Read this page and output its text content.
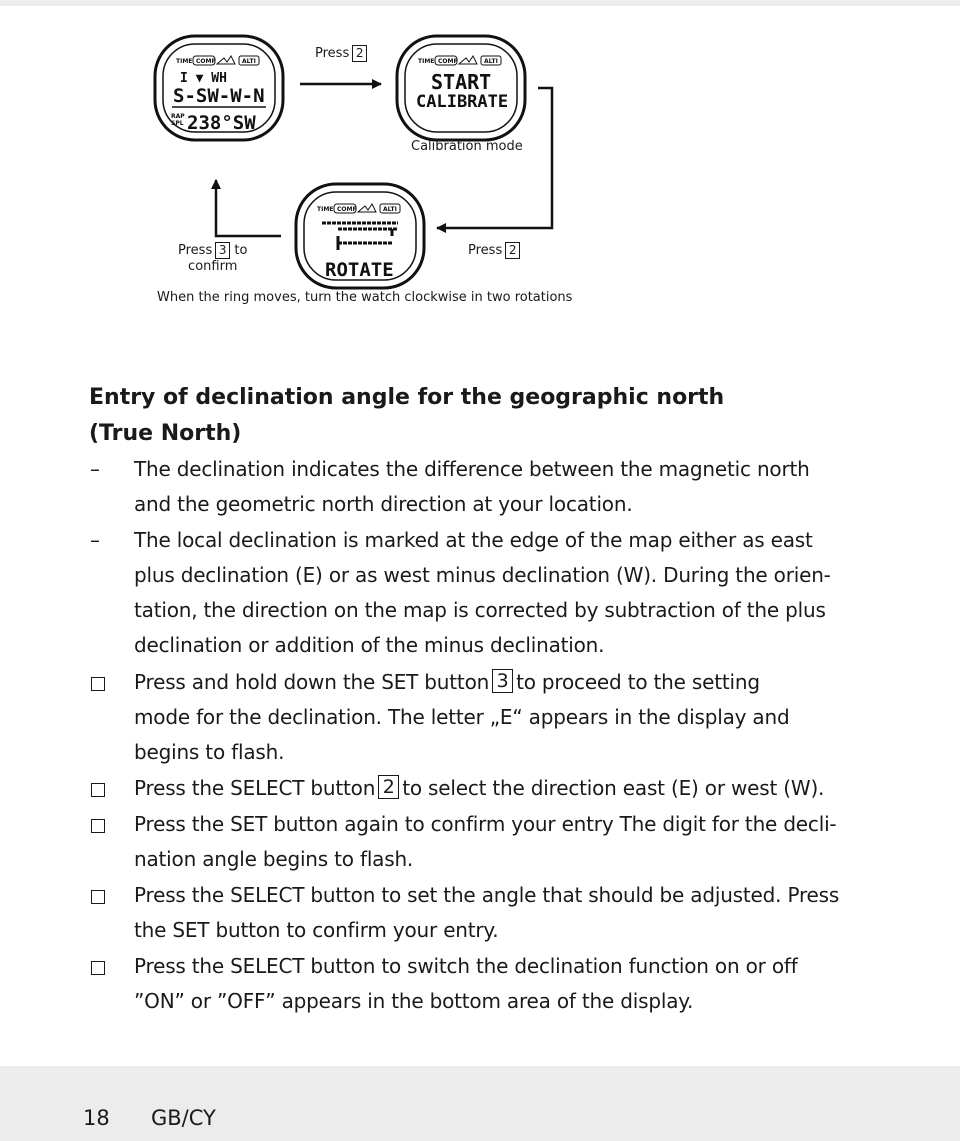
TIME COMP	ALTI
I ▼ WH
S-SW-W-N
RAP
SPL 238°SW
TIME COMP	ALTI
START
CALIBRATE
TIME COMP	ALTI
ROTATE
Press 2
Calibration mode
Press 3 to
confirm
Press 2
When the ring moves, turn the watch clockwise in two rotations
Entry of declination angle for the geographic north
(True North)
–	The declination indicates the difference between the magnetic north
and the geometric north direction at your location.
–	The local declination is marked at the edge of the map either as east
plus declination (E) or as west minus declination (W). During the orien-
tation, the direction on the map is corrected by subtraction of the plus
declination or addition of the minus declination.
Press and hold down the SET button 3 to proceed to the setting
mode for the declination. The letter „E“ appears in the display and
begins to flash.
Press the SELECT button 2 to select the direction east (E) or west (W).
Press the SET button again to confirm your entry The digit for the decli-
nation angle begins to flash.
Press the SELECT button to set the angle that should be adjusted. Press
the SET button to confirm your entry.
Press the SELECT button to switch the declination function on or off
”ON” or ”OFF” appears in the bottom area of the display.
18 GB/CY
